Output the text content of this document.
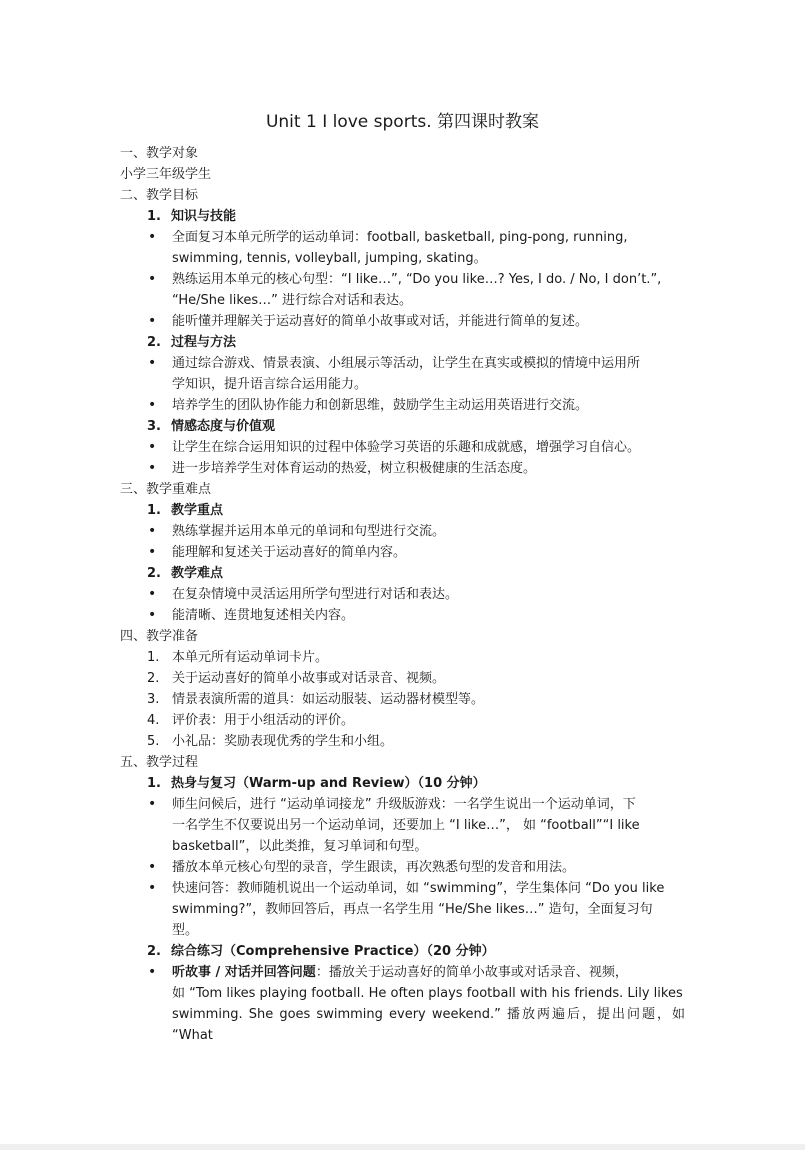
Unit 1 I love sports. 第四课时教案
一、教学对象
小学三年级学生
二、教学目标
1. 知识与技能
• 全面复习本单元所学的运动单词：football, basketball, ping-pong, running,
swimming, tennis, volleyball, jumping, skating。
• 熟练运用本单元的核心句型：“I like…”, “Do you like…? Yes, I do. / No, I don’t.”,
“He/She likes…” 进行综合对话和表达。
• 能听懂并理解关于运动喜好的简单小故事或对话，并能进行简单的复述。
2. 过程与方法
• 通过综合游戏、情景表演、小组展示等活动，让学生在真实或模拟的情境中运用所
学知识，提升语言综合运用能力。
• 培养学生的团队协作能力和创新思维，鼓励学生主动运用英语进行交流。
3. 情感态度与价值观
• 让学生在综合运用知识的过程中体验学习英语的乐趣和成就感，增强学习自信心。
• 进一步培养学生对体育运动的热爱，树立积极健康的生活态度。
三、教学重难点
1. 教学重点
• 熟练掌握并运用本单元的单词和句型进行交流。
• 能理解和复述关于运动喜好的简单内容。
2. 教学难点
• 在复杂情境中灵活运用所学句型进行对话和表达。
• 能清晰、连贯地复述相关内容。
四、教学准备
1. 本单元所有运动单词卡片。
2. 关于运动喜好的简单小故事或对话录音、视频。
3. 情景表演所需的道具：如运动服装、运动器材模型等。
4. 评价表：用于小组活动的评价。
5. 小礼品：奖励表现优秀的学生和小组。
五、教学过程
1. 热身与复习（Warm-up and Review）（10 分钟）
• 师生问候后，进行 “运动单词接龙” 升级版游戏：一名学生说出一个运动单词，下
一名学生不仅要说出另一个运动单词，还要加上 “I like…”， 如 “football”“I like
basketball”，以此类推，复习单词和句型。
• 播放本单元核心句型的录音，学生跟读，再次熟悉句型的发音和用法。
• 快速问答：教师随机说出一个运动单词，如 “swimming”，学生集体问 “Do you like
swimming?”，教师回答后，再点一名学生用 “He/She likes…” 造句，全面复习句
型。
2. 综合练习（Comprehensive Practice）（20 分钟）
• 听故事 / 对话并回答问题：播放关于运动喜好的简单小故事或对话录音、视频，
如 “Tom likes playing football. He often plays football with his friends. Lily likes
swimming. She goes swimming every weekend.” 播放两遍后，提出问题，如 “What
